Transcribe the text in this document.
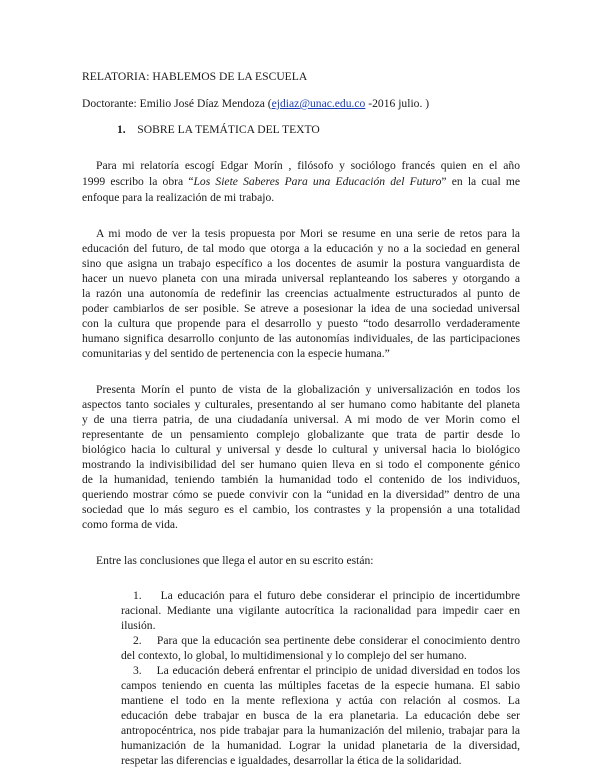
RELATORIA: HABLEMOS DE LA ESCUELA

Doctorante: Emilio José Díaz Mendoza (ejdiaz@unac.edu.co -2016 julio. )

1. SOBRE LA TEMÁTICA DEL TEXTO

Para mi relatoría escogí Edgar Morín , filósofo y sociólogo francés quien en el año

1999 escribo la obra “Los Siete Saberes Para una Educación del Futuro” en la cual me

enfoque para la realización de mi trabajo.

A mi modo de ver la tesis propuesta por Mori se resume en una serie de retos para la

educación del futuro, de tal modo que otorga a la educación y no a la sociedad en general

sino que asigna un trabajo específico a los docentes de asumir la postura vanguardista de

hacer un nuevo planeta con una mirada universal replanteando los saberes y otorgando a

la razón una autonomía de redefinir las creencias actualmente estructurados al punto de

poder cambiarlos de ser posible. Se atreve a posesionar la idea de una sociedad universal

con la cultura que propende para el desarrollo y puesto “todo desarrollo verdaderamente

humano significa desarrollo conjunto de las autonomías individuales, de las participaciones

comunitarias y del sentido de pertenencia con la especie humana.”

Presenta Morín el punto de vista de la globalización y universalización en todos los

aspectos tanto sociales y culturales, presentando al ser humano como habitante del planeta

y de una tierra patria, de una ciudadanía universal. A mi modo de ver Morin como el

representante de un pensamiento complejo globalizante que trata de partir desde lo

biológico hacia lo cultural y universal y desde lo cultural y universal hacia lo biológico

mostrando la indivisibilidad del ser humano quien lleva en si todo el componente génico

de la humanidad, teniendo también la humanidad todo el contenido de los individuos,

queriendo mostrar cómo se puede convivir con la “unidad en la diversidad” dentro de una

sociedad que lo más seguro es el cambio, los contrastes y la propensión a una totalidad

como forma de vida.

Entre las conclusiones que llega el autor en su escrito están:

1. La educación para el futuro debe considerar el principio de incertidumbre

racional. Mediante una vigilante autocrítica la racionalidad para impedir caer en

ilusión.

2. Para que la educación sea pertinente debe considerar el conocimiento dentro

del contexto, lo global, lo multidimensional y lo complejo del ser humano.

3. La educación deberá enfrentar el principio de unidad diversidad en todos los

campos teniendo en cuenta las múltiples facetas de la especie humana. El sabio

mantiene el todo en la mente reflexiona y actúa con relación al cosmos. La

educación debe trabajar en busca de la era planetaria. La educación debe ser

antropocéntrica, nos pide trabajar para la humanización del milenio, trabajar para la

humanización de la humanidad. Lograr la unidad planetaria de la diversidad,

respetar las diferencias e igualdades, desarrollar la ética de la solidaridad.
